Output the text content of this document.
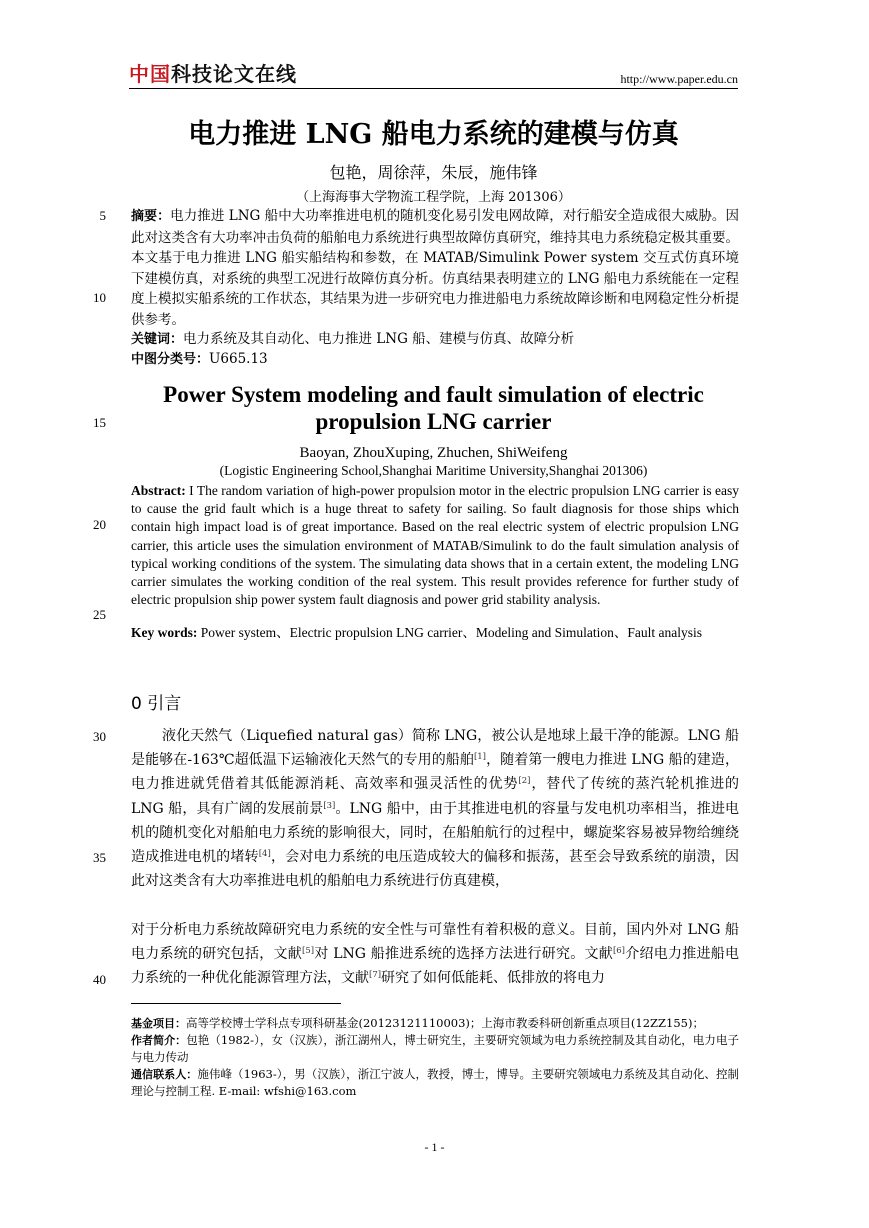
中国科技论文在线	http://www.paper.edu.cn
电力推进 LNG 船电力系统的建模与仿真
包艳，周徐萍，朱辰，施伟锋
（上海海事大学物流工程学院，上海 201306）
摘要：电力推进 LNG 船中大功率推进电机的随机变化易引发电网故障，对行船安全造成很大威胁。因此对这类含有大功率冲击负荷的船舶电力系统进行典型故障仿真研究，维持其电力系统稳定极其重要。本文基于电力推进 LNG 船实船结构和参数，在 MATAB/Simulink Power system 交互式仿真环境下建模仿真，对系统的典型工况进行故障仿真分析。仿真结果表明建立的 LNG 船电力系统能在一定程度上模拟实船系统的工作状态，其结果为进一步研究电力推进船电力系统故障诊断和电网稳定性分析提供参考。
关键词：电力系统及其自动化、电力推进 LNG 船、建模与仿真、故障分析
中图分类号：U665.13
Power System modeling and fault simulation of electric propulsion LNG carrier
Baoyan, ZhouXuping, Zhuchen, ShiWeifeng
(Logistic Engineering School,Shanghai Maritime University,Shanghai 201306)
Abstract: I The random variation of high-power propulsion motor in the electric propulsion LNG carrier is easy to cause the grid fault which is a huge threat to safety for sailing. So fault diagnosis for those ships which contain high impact load is of great importance. Based on the real electric system of electric propulsion LNG carrier, this article uses the simulation environment of MATAB/Simulink to do the fault simulation analysis of typical working conditions of the system. The simulating data shows that in a certain extent, the modeling LNG carrier simulates the working condition of the real system. This result provides reference for further study of electric propulsion ship power system fault diagnosis and power grid stability analysis.
Key words: Power system、Electric propulsion LNG carrier、Modeling and Simulation、Fault analysis
0 引言
液化天然气（Liquefied natural gas）简称 LNG，被公认是地球上最干净的能源。LNG 船是能够在-163℃超低温下运输液化天然气的专用的船舶[1]，随着第一艘电力推进 LNG 船的建造，电力推进就凭借着其低能源消耗、高效率和强灵活性的优势[2]，替代了传统的蒸汽轮机推进的 LNG 船，具有广阔的发展前景[3]。LNG 船中，由于其推进电机的容量与发电机功率相当，推进电机的随机变化对船舶电力系统的影响很大，同时，在船舶航行的过程中，螺旋桨容易被异物给缠绕造成推进电机的堵转[4]，会对电力系统的电压造成较大的偏移和振荡，甚至会导致系统的崩溃，因此对这类含有大功率推进电机的船舶电力系统进行仿真建模，
对于分析电力系统故障研究电力系统的安全性与可靠性有着积极的意义。目前，国内外对 LNG 船电力系统的研究包括，文献[5]对 LNG 船推进系统的选择方法进行研究。文献[6]介绍电力推进船电力系统的一种优化能源管理方法，文献[7]研究了如何低能耗、低排放的将电力
基金项目：高等学校博士学科点专项科研基金(20123121110003)；上海市教委科研创新重点项目(12ZZ155)；
作者简介：包艳（1982-），女（汉族），浙江湖州人，博士研究生，主要研究领域为电力系统控制及其自动化，电力电子与电力传动
通信联系人：施伟峰（1963-），男（汉族），浙江宁波人，教授，博士，博导。主要研究领域电力系统及其自动化、控制理论与控制工程. E-mail: wfshi@163.com
5
10
15
20
25
30
35
40
- 1 -
